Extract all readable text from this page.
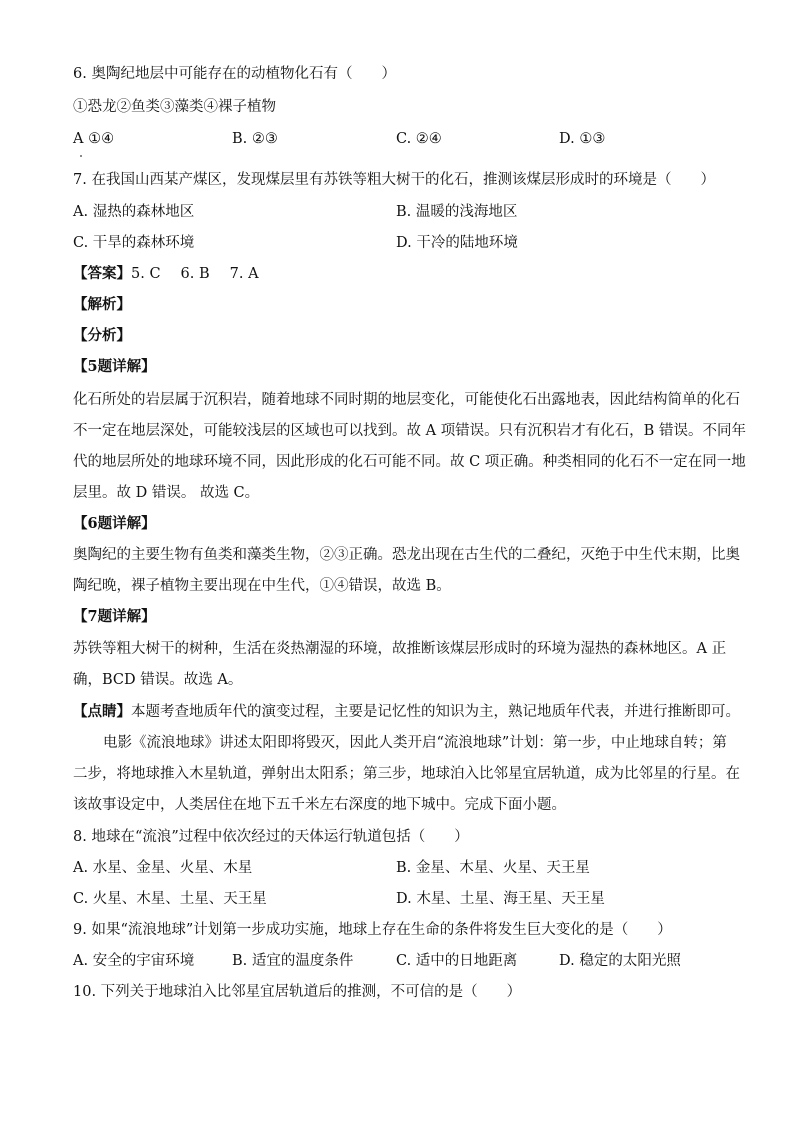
6. 奥陶纪地层中可能存在的动植物化石有（　　）
①恐龙②鱼类③藻类④裸子植物
A ①④	B. ②③	C. ②④	D. ①③
7. 在我国山西某产煤区，发现煤层里有苏铁等粗大树干的化石，推测该煤层形成时的环境是（　　）
A. 湿热的森林地区	B. 温暖的浅海地区
C. 干旱的森林环境	D. 干冷的陆地环境
【答案】5. C 6. B 7. A
【解析】
【分析】
【5题详解】
化石所处的岩层属于沉积岩，随着地球不同时期的地层变化，可能使化石出露地表，因此结构简单的化石
不一定在地层深处，可能较浅层的区域也可以找到。故 A 项错误。只有沉积岩才有化石，B 错误。不同年
代的地层所处的地球环境不同，因此形成的化石可能不同。故 C 项正确。种类相同的化石不一定在同一地
层里。故 D 错误。 故选 C。
【6题详解】
奥陶纪的主要生物有鱼类和藻类生物，②③正确。恐龙出现在古生代的二叠纪，灭绝于中生代末期，比奥
陶纪晚，裸子植物主要出现在中生代，①④错误，故选 B。
【7题详解】
苏铁等粗大树干的树种，生活在炎热潮湿的环境，故推断该煤层形成时的环境为湿热的森林地区。A 正
确，BCD 错误。故选 A。
【点睛】本题考查地质年代的演变过程，主要是记忆性的知识为主，熟记地质年代表，并进行推断即可。
电影《流浪地球》讲述太阳即将毁灭，因此人类开启“流浪地球”计划：第一步，中止地球自转；第
二步，将地球推入木星轨道，弹射出太阳系；第三步，地球泊入比邻星宜居轨道，成为比邻星的行星。在
该故事设定中，人类居住在地下五千米左右深度的地下城中。完成下面小题。
8. 地球在“流浪”过程中依次经过的天体运行轨道包括（　　）
A. 水星、金星、火星、木星	B. 金星、木星、火星、天王星
C. 火星、木星、土星、天王星	D. 木星、土星、海王星、天王星
9. 如果“流浪地球”计划第一步成功实施，地球上存在生命的条件将发生巨大变化的是（　　）
A. 安全的宇宙环境	B. 适宜的温度条件	C. 适中的日地距离	D. 稳定的太阳光照
10. 下列关于地球泊入比邻星宜居轨道后的推测，不可信的是（　　）
